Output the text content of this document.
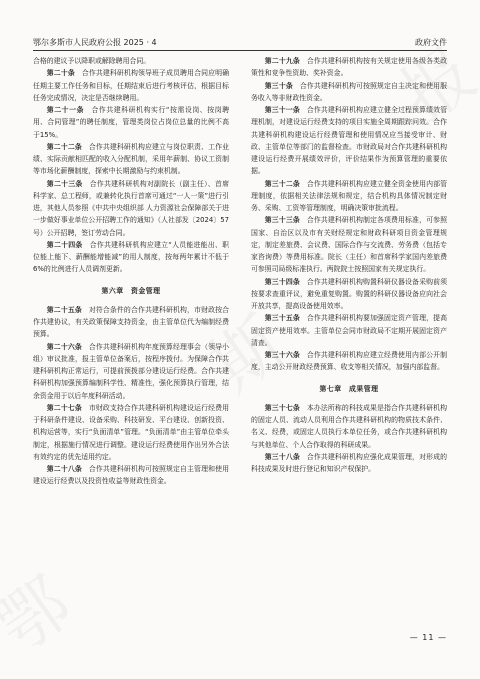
鄂尔多斯市人民政府公报 2025 · 4	政府文件

合格的建议予以降职或解除聘用合同。

第二十条　 合作共建科研机构领导班子成员聘用合同应明确任期主要工作任务和目标，任期结束后进行考核评估，根据目标任务完成情况，决定是否继续聘用。

第二十一条　 合作共建科研机构实行“按需设岗、按岗聘用、合同管理”的聘任制度，管理类岗位占岗位总量的比例不高于15%。

第二十二条　 合作共建科研机构应建立与岗位职责、工作业绩、实际贡献相匹配的收入分配机制，采用年薪制、协议工资制等市场化薪酬制度，探索中长期激励与约束机制。

第二十三条　 合作共建科研机构对副院长（副主任）、首席科学家、总工程师，或兼转化执行首席可通过“一人一策”进行引进，其他人员参照《中共中央组织部 人力资源社会保障部关于进一步做好事业单位公开招聘工作的通知》（人社部发〔2024〕57号）公开招聘，签订劳动合同。

第二十四条　 合作共建科研机构应建立“人员能进能出、职位能上能下、薪酬能增能减”的用人制度，按每两年累计不低于6%的比例进行人员调剂更新。

第六章　资金管理

第二十五条　 对符合条件的合作共建科研机构，市财政按合作共建协议，有关政策保障支持资金，由主管单位代为编制经费预算。

第二十六条　 合作共建科研机构年度预算经理事会（领导小组）审议批准，报主管单位备案后，按程序拨付。为保障合作共建科研机构正常运行，可提前预拨部分建设运行经费。合作共建科研机构加强预算编制科学性、精准性，强化预算执行管理，结余资金用于以后年度科研活动。

第二十七条　 市财政支持合作共建科研机构建设运行经费用于科研条件建设、设备采购、科技研发、平台建设、创新投资、机构运营等，实行“负面清单”管理。“负面清单”由主管单位牵头制定，根据施行情况进行调整。建设运行经费使用作出另外合法有效约定的优先适用约定。

第二十八条　 合作共建科研机构可按照规定自主管理和使用建设运行经费以及投资性收益等财政性资金。

第二十九条　 合作共建科研机构按有关规定使用各级各类政策性和竞争性资助、奖补资金。

第三十条　 合作共建科研机构可按照规定自主决定和使用服务收入等非财政性资金。

第三十一条　 合作共建科研机构应建立健全过程预算绩效管理机制，对建设运行经费支持的项目实施全周期跟踪问效。合作共建科研机构建设运行经费管理和使用情况应当接受审计、财政、主管单位等部门的监督检查。市财政局对合作共建科研机构建设运行经费开展绩效评价，评价结果作为预算管理的重要依据。

第三十二条　 合作共建科研机构应建立健全资金使用内部管理制度，依据相关法律法规和规定，结合机构具体情况制定财务、采购、工资等管理制度，明确决策审批流程。

第三十三条　 合作共建科研机构制定各项费用标准，可参照国家、自治区以及市有关财经规定和财政科研项目资金管理规定，制定差旅费、会议费、国际合作与交流费、劳务费（包括专家咨询费）等费用标准。院长（主任）和首席科学家国内差旅费可参照司局级标准执行。两院院士按照国家有关规定执行。

第三十四条　 合作共建科研机构购置科研仪器设备采购前须按要求查重评议，避免重复购置。购置的科研仪器设备应向社会开放共享，提高设备使用效率。

第三十五条　 合作共建科研机构要加强固定资产管理，提高固定资产使用效率。主管单位会同市财政局不定期开展固定资产清查。

第三十六条　 合作共建科研机构应建立经费使用内部公开制度，主动公开财政经费预算、收支等相关情况，加强内部监督。

第七章　成果管理

第三十七条　 本办法所称的科技成果是指合作共建科研机构的固定人员、流动人员利用合作共建科研机构的物质技术条件、名义、经费，或固定人员执行本单位任务，或合作共建科研机构与其他单位、个人合作取得的科研成果。

第三十八条　 合作共建科研机构应强化成果管理，对形成的科技成果及时进行登记和知识产权保护。

— 11 —
